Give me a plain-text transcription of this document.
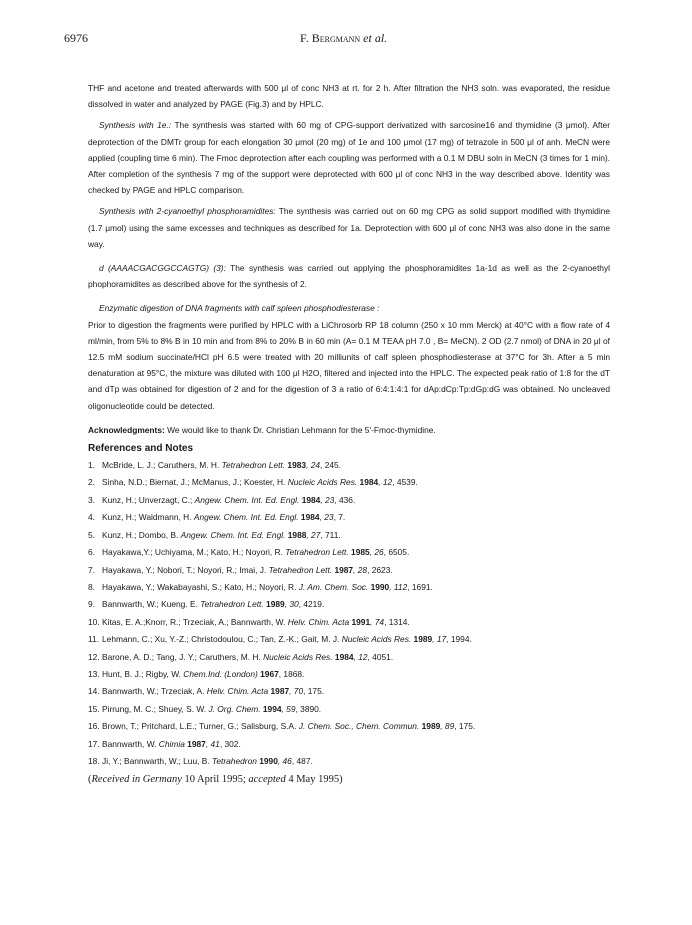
6976	F. Bergmann et al.

THF and acetone and treated afterwards with 500 μl of conc NH3 at rt. for 2 h. After filtration the NH3 soln. was evaporated, the residue dissolved in water and analyzed by PAGE (Fig.3) and by HPLC.

Synthesis with 1e.: The synthesis was started with 60 mg of CPG-support derivatized with sarcosine16 and thymidine (3 μmol). After deprotection of the DMTr group for each elongation 30 μmol (20 mg) of 1e and 100 μmol (17 mg) of tetrazole in 500 μl of anh. MeCN were applied (coupling time 6 min). The Fmoc deprotection after each coupling was performed with a 0.1 M DBU soln in MeCN (3 times for 1 min). After completion of the synthesis 7 mg of the support were deprotected with 600 μl of conc NH3 in the way described above. Identity was checked by PAGE and HPLC comparison.

Synthesis with 2-cyanoethyl phosphoramidites: The synthesis was carried out on 60 mg CPG as solid support modified with thymidine (1.7 μmol) using the same excesses and techniques as described for 1a. Deprotection with 600 μl of conc NH3 was also done in the same way.

d (AAAACGACGGCCAGTG) (3): The synthesis was carried out applying the phosphoramidites 1a-1d as well as the 2-cyanoethyl phophoramidites as described above for the synthesis of 2.

Enzymatic digestion of DNA fragments with calf spleen phosphodiesterase :

Prior to digestion the fragments were purified by HPLC with a LiChrosorb RP 18 column (250 x 10 mm Merck) at 40°C with a flow rate of 4 ml/min, from 5% to 8% B in 10 min and from 8% to 20% B in 60 min (A= 0.1 M TEAA pH 7.0 , B= MeCN). 2 OD (2.7 nmol) of DNA in 20 μl of 12.5 mM sodium succinate/HCl pH 6.5 were treated with 20 milliunits of calf spleen phosphodiesterase at 37°C for 3h. After a 5 min denaturation at 95°C, the mixture was diluted with 100 μl H2O, filtered and injected into the HPLC. The expected peak ratio of 1:8 for the dT and dTp was obtained for digestion of 2 and for the digestion of 3 a ratio of 6:4:1:4:1 for dAp:dCp:Tp:dGp:dG was obtained. No uncleaved oligonucleotide could be detected.

Acknowledgments: We would like to thank Dr. Christian Lehmann for the 5'-Fmoc-thymidine.

References and Notes
1. McBride, L. J.; Caruthers, M. H. Tetrahedron Lett. 1983, 24, 245.
2. Sinha, N.D.; Biernat, J.; McManus, J.; Koester, H. Nucleic Acids Res. 1984, 12, 4539.
3. Kunz, H.; Unverzagt, C.; Angew. Chem. Int. Ed. Engl. 1984, 23, 436.
4. Kunz, H.; Waldmann, H. Angew. Chem. Int. Ed. Engl. 1984, 23, 7.
5. Kunz, H.; Dombo, B. Angew. Chem. Int. Ed. Engl. 1988, 27, 711.
6. Hayakawa,Y.; Uchiyama, M.; Kato, H.; Noyori, R. Tetrahedron Lett. 1985, 26, 6505.
7. Hayakawa, Y.; Nobori, T.; Noyori, R.; Imai, J. Tetrahedron Lett. 1987, 28, 2623.
8. Hayakawa, Y.; Wakabayashi, S.; Kato, H.; Noyori, R. J. Am. Chem. Soc. 1990, 112, 1691.
9. Bannwarth, W.; Kueng. E. Tetrahedron Lett. 1989, 30, 4219.
10. Kitas, E. A.;Knorr, R.; Trzeciak, A.; Bannwarth, W. Helv. Chim. Acta 1991, 74, 1314.
11. Lehmann, C.; Xu, Y.-Z.; Christodoulou, C.; Tan, Z.-K.; Gait, M. J. Nucleic Acids Res. 1989, 17, 1994.
12. Barone, A. D.; Tang, J. Y.; Caruthers, M. H. Nucleic Acids Res. 1984, 12, 4051.
13. Hunt, B. J.; Rigby, W. Chem.Ind. (London) 1967, 1868.
14. Bannwarth, W.; Trzeciak, A. Helv. Chim. Acta 1987, 70, 175.
15. Pirrung, M. C.; Shuey, S. W. J. Org. Chem. 1994, 59, 3890.
16. Brown, T.; Pritchard, L.E.; Turner, G.; Salisburg, S.A. J. Chem. Soc., Chem. Commun. 1989, 89, 175.
17. Bannwarth, W. Chimia 1987, 41, 302.
18. Ji, Y.; Bannwarth, W.; Luu, B. Tetrahedron 1990, 46, 487.
(Received in Germany 10 April 1995; accepted 4 May 1995)
